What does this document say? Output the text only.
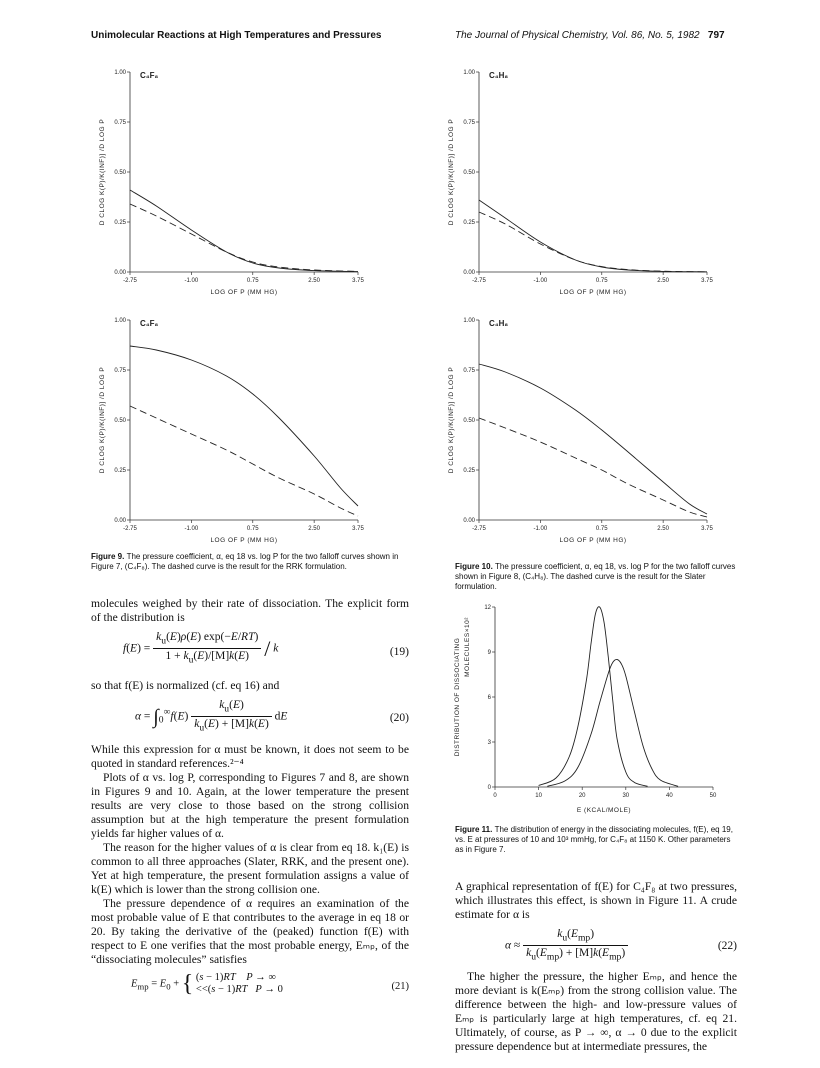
Unimolecular Reactions at High Temperatures and Pressures	The Journal of Physical Chemistry, Vol. 86, No. 5, 1982 797
-2.75	-1.00	0.75	2.50	3.75
0.00
0.25
0.50
0.75
1.00
LOG OF P (MM HG)
D CLOG K(P)/K(INF)] /D LOG P
C₄F₈
-2.75	-1.00	0.75	2.50	3.75
0.00
0.25
0.50
0.75
1.00
LOG OF P (MM HG)
D CLOG K(P)/K(INF)] /D LOG P
C₄F₈
-2.75	-1.00	0.75	2.50	3.75
0.00
0.25
0.50
0.75
1.00
LOG OF P (MM HG)
D CLOG K(P)/K(INF)] /D LOG P
C₄H₈
-2.75	-1.00	0.75	2.50	3.75
0.00
0.25
0.50
0.75
1.00
LOG OF P (MM HG)
D CLOG K(P)/K(INF)] /D LOG P
C₄H₈
Figure 9. The pressure coefficient, α, eq 18 vs. log P for the two falloff curves shown in Figure 7, (C₄F₈). The dashed curve is the result for the RRK formulation.	Figure 10. The pressure coefficient, α, eq 18, vs. log P for the two falloff curves shown in Figure 8, (C₄H₈). The dashed curve is the result for the Slater formulation.
0	10	20	30	40	50
0
3
6
9
12
E (KCAL/MOLE)
DISTRIBUTION OF DISSOCIATING MOLECULES×10²
Figure 11. The distribution of energy in the dissociating molecules, f(E), eq 19, vs. E at pressures of 10 and 10³ mmHg, for C₄F₈ at 1150 K. Other parameters as in Figure 7.

molecules weighed by their rate of dissociation. The explicit form of the distribution is

$f(E) = \frac{k_u(E)\rho(E) \exp(-E/RT)}{1 + k_u(E)/[M]k(E)} / k$	(19)

so that f(E) is normalized (cf. eq 16) and

$\alpha = \int_0^\infty f(E) \frac{k_u(E)}{k_u(E) + [M]k(E)}$ dE	(20)

While this expression for α must be known, it does not seem to be quoted in standard references.²⁻⁴

Plots of α vs. log P, corresponding to Figures 7 and 8, are shown in Figures 9 and 10. Again, at the lower temperature the present results are very close to those based on the strong collision assumption but at the high temperature the present formulation yields far higher values of α.

The reason for the higher values of α is clear from eq 18. k₁(E) is common to all three approaches (Slater, RRK, and the present one). Yet at high temperature, the present formulation assigns a value of k(E) which is lower than the strong collision one.

The pressure dependence of α requires an examination of the most probable value of E that contributes to the average in eq 18 or 20. By taking the derivative of the (peaked) function f(E) with respect to E one verifies that the most probable energy, Eₘₚ, of the “dissociating molecules” satisfies

$E_{mp} = E_0$ + { (s − 1)RT P → ∞
<<(s − 1)RT P → 0	(21)

A graphical representation of f(E) for C₄F₈ at two pressures, which illustrates this effect, is shown in Figure 11. A crude estimate for α is

$\alpha \approx \frac{k_u(E_{mp})}{k_u(E_{mp}) + [M]k(E_{mp})}$	(22)

The higher the pressure, the higher Eₘₚ, and hence the more deviant is k(Eₘₚ) from the strong collision value. The difference between the high- and low-pressure values of Eₘₚ is particularly large at high temperatures, cf. eq 21. Ultimately, of course, as P → ∞, α → 0 due to the explicit pressure dependence but at intermediate pressures, the
